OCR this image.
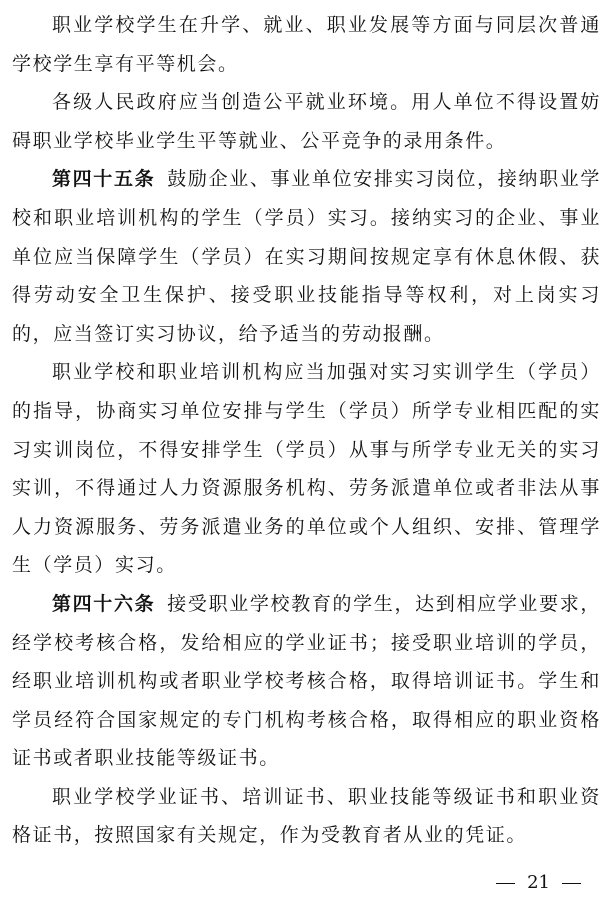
职业学校学生在升学、就业、职业发展等方面与同层次普通学校学生享有平等机会。

各级人民政府应当创造公平就业环境。用人单位不得设置妨碍职业学校毕业学生平等就业、公平竞争的录用条件。

第四十五条 鼓励企业、事业单位安排实习岗位，接纳职业学校和职业培训机构的学生（学员）实习。接纳实习的企业、事业单位应当保障学生（学员）在实习期间按规定享有休息休假、获得劳动安全卫生保护、接受职业技能指导等权利，对上岗实习的，应当签订实习协议，给予适当的劳动报酬。

职业学校和职业培训机构应当加强对实习实训学生（学员）的指导，协商实习单位安排与学生（学员）所学专业相匹配的实习实训岗位，不得安排学生（学员）从事与所学专业无关的实习实训，不得通过人力资源服务机构、劳务派遣单位或者非法从事人力资源服务、劳务派遣业务的单位或个人组织、安排、管理学生（学员）实习。

第四十六条 接受职业学校教育的学生，达到相应学业要求，经学校考核合格，发给相应的学业证书；接受职业培训的学员，经职业培训机构或者职业学校考核合格，取得培训证书。学生和学员经符合国家规定的专门机构考核合格，取得相应的职业资格证书或者职业技能等级证书。

职业学校学业证书、培训证书、职业技能等级证书和职业资格证书，按照国家有关规定，作为受教育者从业的凭证。

21
